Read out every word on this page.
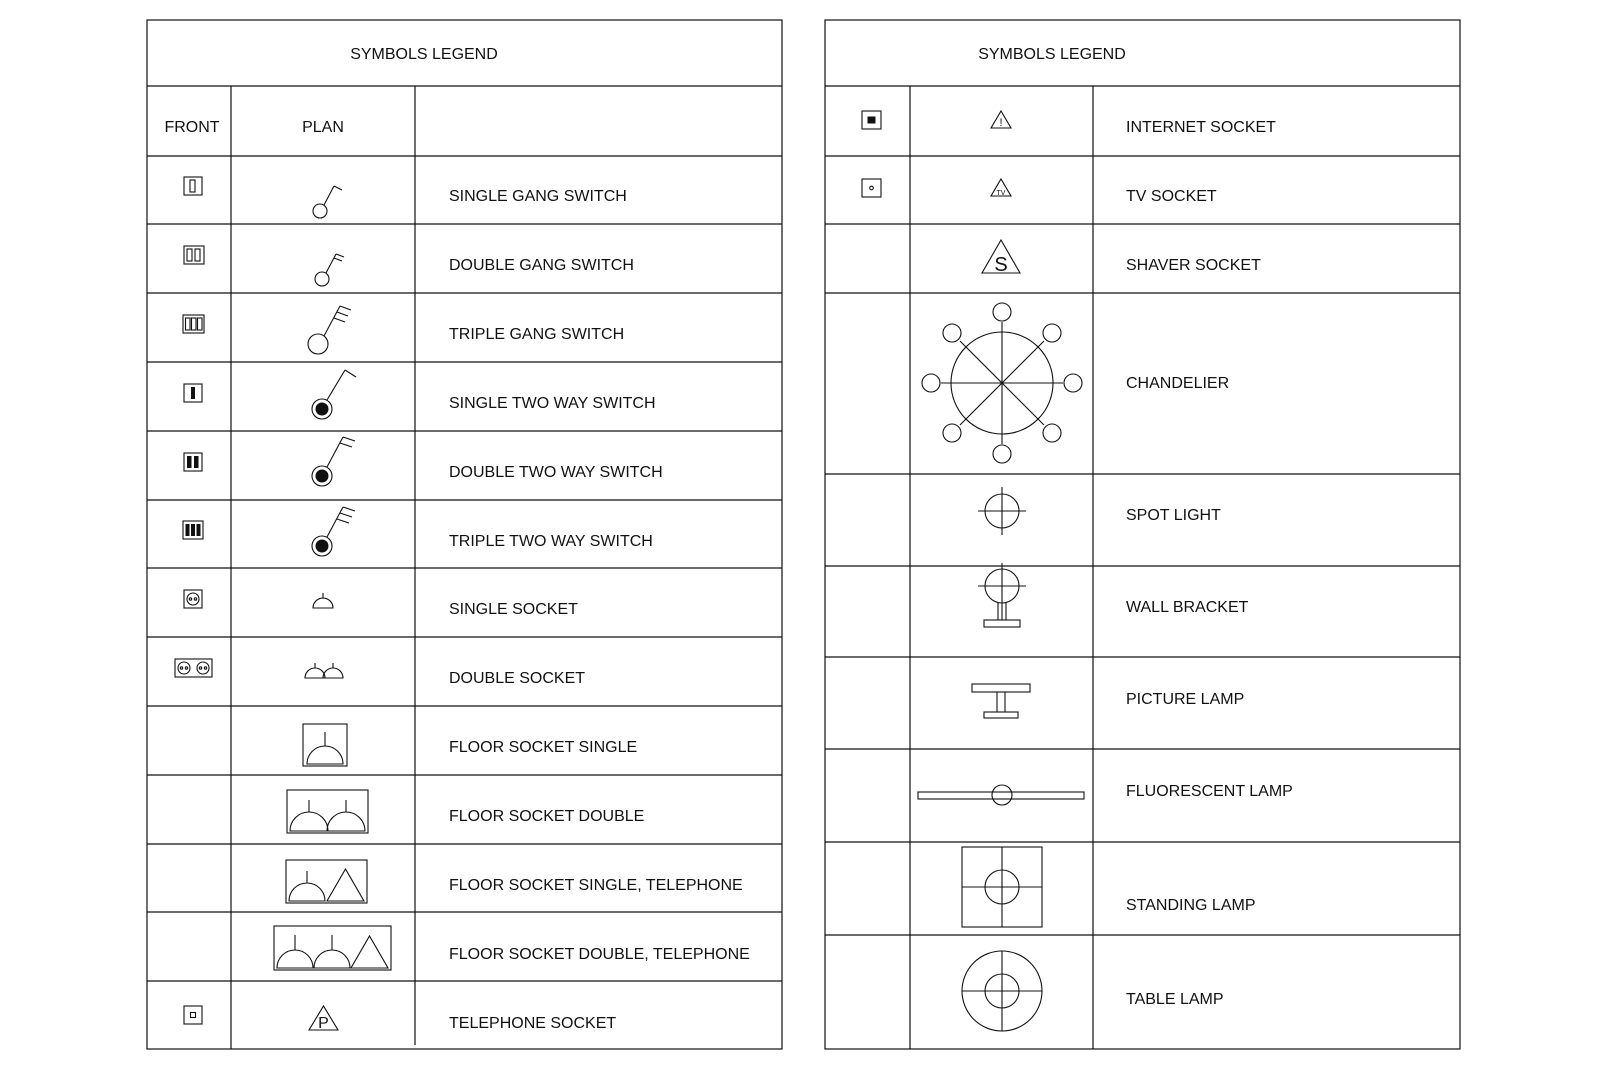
SYMBOLS LEGEND
FRONT	PLAN
SINGLE GANG SWITCH
DOUBLE GANG SWITCH
TRIPLE GANG SWITCH
SINGLE TWO WAY SWITCH
DOUBLE TWO WAY SWITCH
TRIPLE TWO WAY SWITCH
SINGLE SOCKET
DOUBLE SOCKET
FLOOR SOCKET SINGLE
FLOOR SOCKET DOUBLE
FLOOR SOCKET SINGLE, TELEPHONE
FLOOR SOCKET DOUBLE, TELEPHONE
TELEPHONE SOCKET
P
SYMBOLS LEGEND
INTERNET SOCKET
TV SOCKET
SHAVER SOCKET
CHANDELIER
SPOT LIGHT
WALL BRACKET
PICTURE LAMP
FLUORESCENT LAMP
STANDING LAMP
TABLE LAMP
!
TV
S
